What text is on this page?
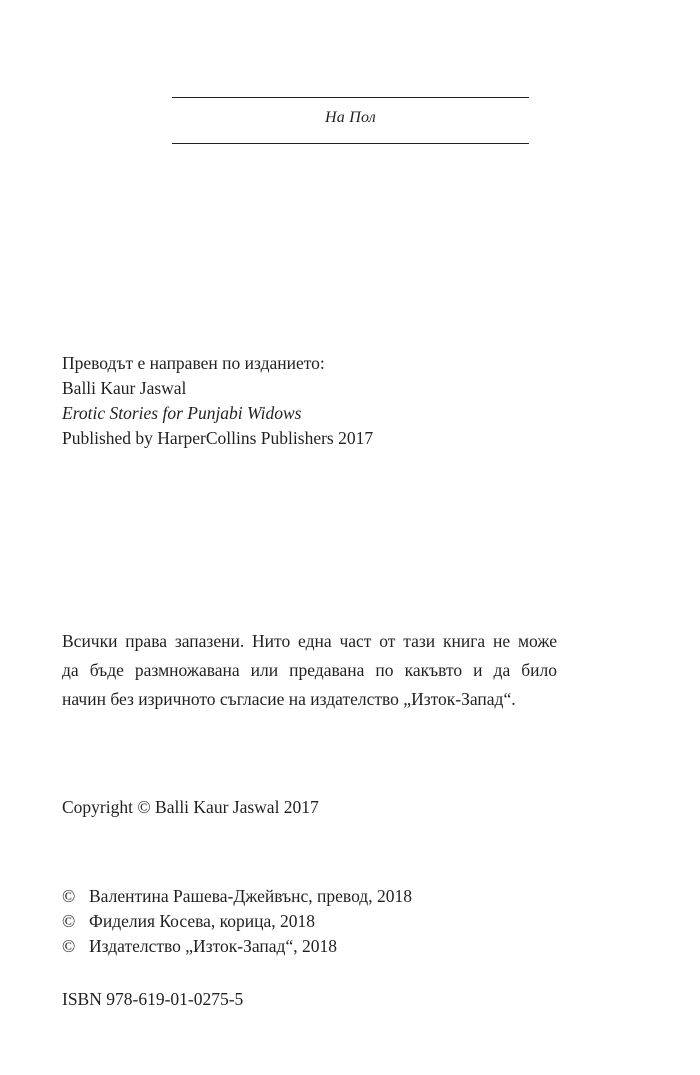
На Пол
Преводът е направен по изданието:
Balli Kaur Jaswal
Erotic Stories for Punjabi Widows
Published by HarperCollins Publishers 2017
Всички права запазени. Нито една част от тази книга не може
да бъде размножавана или предавана по какъвто и да било
начин без изричното съгласие на издателство „Изток-Запад“.
Copyright © Balli Kaur Jaswal 2017
© Валентина Рашева-Джейвънс, превод, 2018
© Фиделия Косева, корица, 2018
© Издателство „Изток-Запад“, 2018
ISBN 978-619-01-0275-5
